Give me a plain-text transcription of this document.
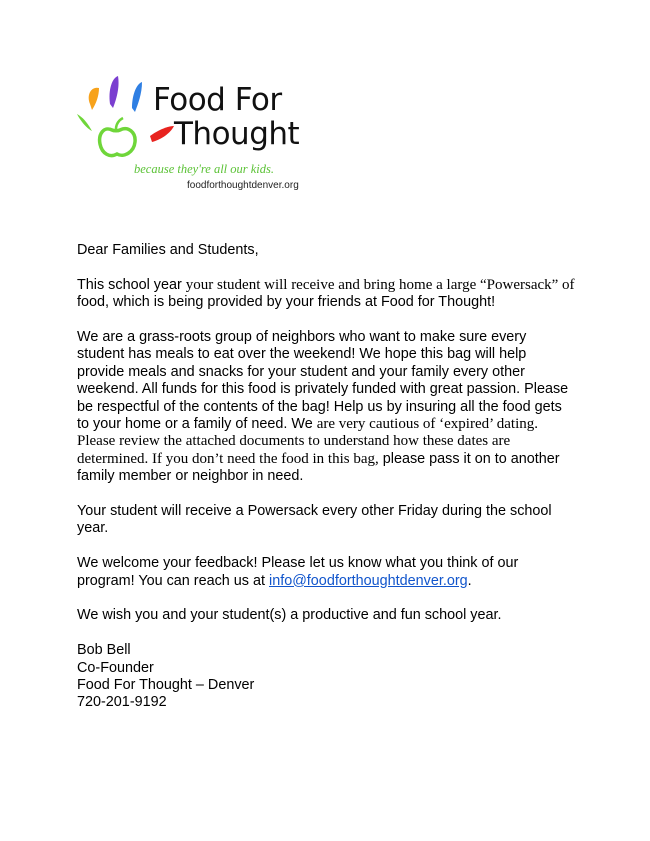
Food For
Thought
because they're all our kids.
foodforthoughtdenver.org

Dear Families and Students,

This school year your student will receive and bring home a large “Powersack” of food, which is being provided by your friends at Food for Thought!

We are a grass-roots group of neighbors who want to make sure every student has meals to eat over the weekend! We hope this bag will help provide meals and snacks for your student and your family every other weekend. All funds for this food is privately funded with great passion. Please be respectful of the contents of the bag! Help us by insuring all the food gets to your home or a family of need. We are very cautious of ‘expired’ dating. Please review the attached documents to understand how these dates are determined. If you don’t need the food in this bag, please pass it on to another family member or neighbor in need.

Your student will receive a Powersack every other Friday during the school year.

We welcome your feedback! Please let us know what you think of our program! You can reach us at info@foodforthoughtdenver.org.

We wish you and your student(s) a productive and fun school year.

Bob Bell
Co-Founder
Food For Thought – Denver
720-201-9192
